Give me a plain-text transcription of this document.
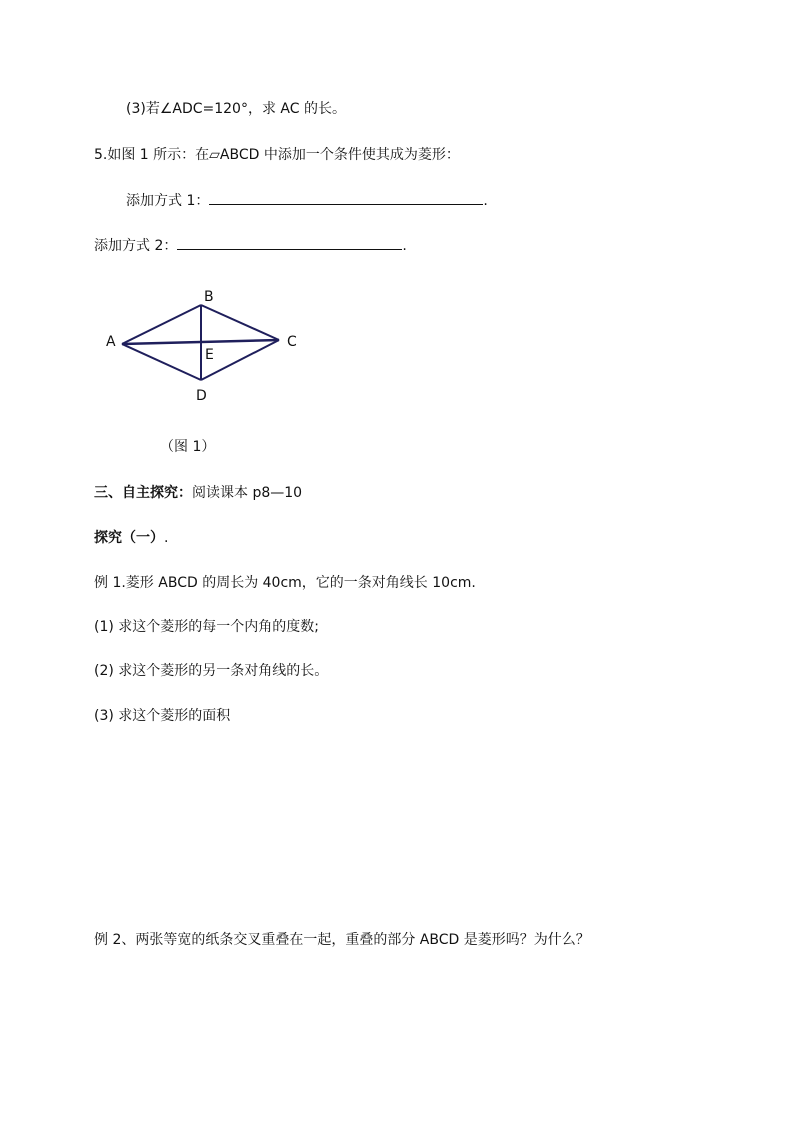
(3)若∠ADC=120°，求 AC 的长。
5.如图 1 所示：在▱ABCD 中添加一个条件使其成为菱形：
添加方式 1：	.
添加方式 2：	.
A
B
C
D
E
（图 1）
三、自主探究：阅读课本 p8—10
探究（一）.
例 1.菱形 ABCD 的周长为 40cm，它的一条对角线长 10cm.
(1) 求这个菱形的每一个内角的度数;
(2) 求这个菱形的另一条对角线的长。
(3) 求这个菱形的面积
例 2、两张等宽的纸条交叉重叠在一起，重叠的部分 ABCD 是菱形吗？为什么？
